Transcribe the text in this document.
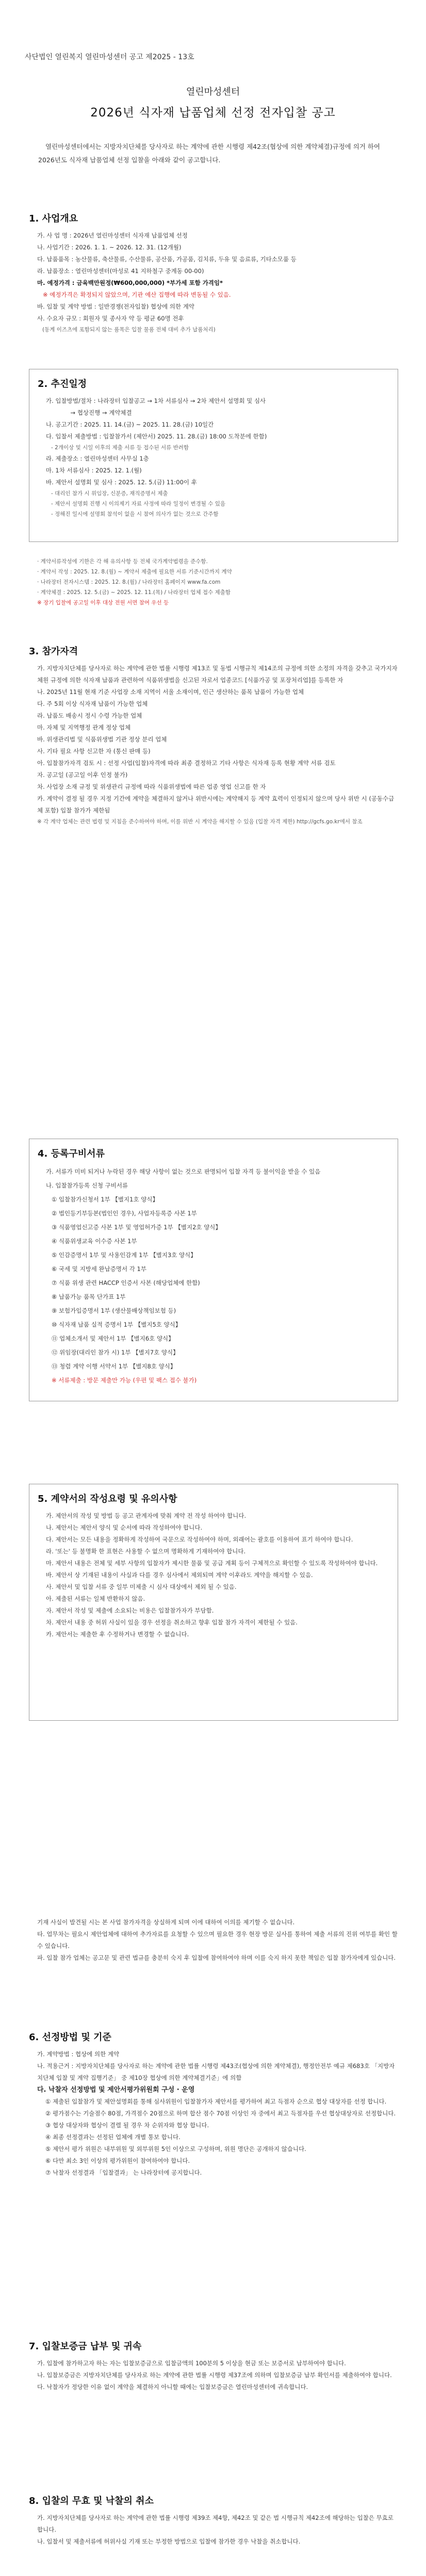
사단법인 열린복지 열린마성센터 공고 제2025 - 13호
열린마성센터
2026년 식자재 납품업체 선정 전자입찰 공고
열린마성센터에서는 지방자치단체를 당사자로 하는 계약에 관한 시행령 제42조(협상에 의한 계약체결)규정에 의거 하여 2026년도 식자재 납품업체 선정 입찰을 아래와 같이 공고합니다.
1. 사업개요

가. 사 업 명 : 2026년 열린마성센터 식자재 납품업체 선정

나. 사업기간 : 2026. 1. 1. ~ 2026. 12. 31. (12개월)

다. 납품품목 : 농산물류, 축산물류, 수산물류, 공산품, 가공품, 김치류, 두유 및 음료류, 기타소모품 등

라. 납품장소 : 열린마성센터(마성로 41 지하철구 중계동 00-00)

마. 예정가격 : 금육백만원정(₩600,000,000) *부가세 포함 가격임*

※ 예정가격은 확정되지 않았으며, 기관 예산 집행에 따라 변동될 수 있음.

바. 입찰 및 계약 방법 : 일반경쟁(전자입찰) 협상에 의한 계약

사. 수요자 규모 : 회원자 및 종사자 약 등 평균 60명 전후

(동계 이즈츠에 포함되지 않는 품목은 입찰 물품 전체 대비 추가 납품처리)

2. 추진일정

가. 입찰방법/절차 : 나라장터 입찰공고 → 1차 서류심사 → 2차 제안서 설명회 및 심사

→ 협상진행 → 계약체결

나. 공고기간 : 2025. 11. 14.(금) ~ 2025. 11. 28.(금) 10일간

다. 입찰서 제출방법 : 입찰참가서 (제안서) 2025. 11. 28.(금) 18:00 도착분에 한함)

- 2개이상 및 시일 이후의 제출 서류 등 접수된 서류 반려함

라. 제출장소 : 열린마성센터 사무실 1층

마. 1차 서류심사 : 2025. 12. 1.(월)

바. 제안서 설명회 및 심사 : 2025. 12. 5.(금) 11:00이 후

- 대리인 참가 시 위임장, 신분증, 재직증명서 제출

- 제안서 설명회 진행 시 이의제기 자료 사정에 따라 일정이 변경될 수 있음

- 정해진 일시에 설명회 참석이 없을 시 참여 의사가 없는 것으로 간주함

· 계약서류작성에 기한은 각 해 유의사항 등 전체 국가계약법령을 준수함.

· 계약서 작성 : 2025. 12. 8.(월) ~ 계약서 제출에 필요한 서류 기준시간까지 계약

· 나라장터 전자시스템 : 2025. 12. 8.(월) / 나라장터 홈페이지 www.fa.com

· 계약체결 : 2025. 12. 5.(금) ~ 2025. 12. 11.(목) / 나라장터 업체 접수 제출함

※ 장기 입찰에 공고일 이후 대상 전원 서면 참여 우선 등

3. 참가자격

가. 지방자치단체를 당사자로 하는 계약에 관한 법률 시행령 제13조 및 동법 시행규칙 제14조의 규정에 의한 소정의 자격을 갖추고 국가지자체원 규정에 의한 식자재 납품과 관련하여 식품위생법을 신고된 자로서 업종코드 [식품가공 및 포장처리업]를 등록한 자

나. 2025년 11월 현재 기준 사업장 소재 지역이 서울 소재이며, 인근 생산하는 품목 납품이 가능한 업체

다. 주 5회 이상 식자재 납품이 가능한 업체

라. 납품도 배송시 정시 수령 가능한 업체

마. 자체 및 지역행정 관계 정상 업체

바. 위생관리법 및 식품위생법 기관 정상 분리 업체

사. 기타 필요 사항 신고한 자 (통신 판매 등)

아. 입찰참가자격 검토 시 : 선정 사업(입찰)자격에 따라 최종 결정하고 기타 사항은 식자재 등록 현황 계약 서류 검토

자. 공고일 (공고일 이후 인정 불가)

차. 사업장 소재 규정 및 위생관리 규정에 따라 식품위생법에 따른 업종 영업 신고를 한 자

카. 계약이 결정 될 경우 지정 기간에 계약을 체결하지 않거나 위반시에는 계약해지 등 계약 효력이 인정되지 않으며 당사 위반 시 (공동수급체 포함) 입찰 참가가 제한됨

※ 각 계약 업체는 관련 법령 및 지침을 준수하여야 하며, 이를 위반 시 계약을 해지할 수 있음 (입찰 자격 제한) http://gcfs.go.kr에서 참조

4. 등록구비서류

가. 서류가 미비 되거나 누락된 경우 해당 사항이 없는 것으로 판명되어 입찰 자격 등 불이익을 받을 수 있음

나. 입찰참가등록 신청 구비서류

① 입찰참가신청서 1부 【별지1호 양식】

② 법인등기부등본(법인인 경우), 사업자등록증 사본 1부

③ 식품영업신고증 사본 1부 및 영업허가증 1부 【별지2호 양식】

④ 식품위생교육 이수증 사본 1부

⑤ 인감증명서 1부 및 사용인감계 1부 【별지3호 양식】

⑥ 국세 및 지방세 완납증명서 각 1부

⑦ 식품 위생 관련 HACCP 인증서 사본 (해당업체에 한함)

⑧ 납품가능 품목 단가표 1부

⑨ 보험가입증명서 1부 (생산물배상책임보험 등)

⑩ 식자재 납품 실적 증명서 1부 【별지5호 양식】

⑪ 업체소개서 및 제안서 1부 【별지6호 양식】

⑫ 위임장(대리인 참가 시) 1부 【별지7호 양식】

⑬ 청렴 계약 이행 서약서 1부 【별지8호 양식】

※ 서류제출 : 방문 제출만 가능 (우편 및 팩스 접수 불가)

5. 계약서의 작성요령 및 유의사항

가. 제안서의 작성 및 방법 등 공고 관계자에 맞춰 계약 전 작성 하여야 합니다.

나. 제안서는 제안서 양식 및 순서에 따라 작성하여야 합니다.

다. 제안서는 모든 내용을 정확하게 작성하여 국문으로 작성하여야 하며, 외래어는 괄호를 이용하여 표기 하여야 합니다.

라. '또는' 등 불명확 한 표현은 사용할 수 없으며 명확하게 기재하여야 합니다.

마. 제안서 내용은 전체 및 세부 사항의 입찰자가 제시한 물품 및 공급 계획 등이 구체적으로 확인할 수 있도록 작성하여야 합니다.

바. 제안서 상 기재된 내용이 사실과 다를 경우 심사에서 제외되며 계약 이후라도 계약을 해지할 수 있음.

사. 제안서 및 입찰 서류 중 일부 미제출 시 심사 대상에서 제외 될 수 있음.

아. 제출된 서류는 일체 반환하지 않음.

자. 제안서 작성 및 제출에 소요되는 비용은 입찰참가자가 부담함.

차. 제안서 내용 중 허위 사실이 있을 경우 선정을 취소하고 향후 입찰 참가 자격이 제한될 수 있음.

카. 제안서는 제출한 후 수정하거나 변경할 수 없습니다.

기재 사실이 발견될 시는 본 사업 참가자격을 상실하게 되며 이에 대하여 이의를 제기할 수 없습니다.

타. 업무차는 필요시 제안업체에 대하여 추가자료를 요청할 수 있으며 필요한 경우 현장 방문 실사를 통하여 제출 서류의 진위 여부를 확인 할 수 있습니다.

파. 입찰 참가 업체는 공고문 및 관련 법규를 충분히 숙지 후 입찰에 참여하여야 하며 이를 숙지 하지 못한 책임은 입찰 참가자에게 있습니다.

6. 선정방법 및 기준

가. 계약방법 : 협상에 의한 계약

나. 적용근거 : 지방자치단체를 당사자로 하는 계약에 관한 법률 시행령 제43조(협상에 의한 계약체결), 행정안전부 예규 제683호 「지방자치단체 입찰 및 계약 집행기준」 중 제10장 협상에 의한 계약체결기준」에 의함

다. 낙찰자 선정방법 및 제안서평가위원회 구성 · 운영

① 제출된 입찰참가 및 제안설명회를 통해 심사위원이 입찰참가자 제안서를 평가하여 최고 득점자 순으로 협상 대상자를 선정 합니다.

② 평가점수는 기술점수 80점, 가격점수 20점으로 하며 합산 점수 70점 이상인 자 중에서 최고 득점자를 우선 협상대상자로 선정합니다.

③ 협상 대상자와 협상이 결렬 될 경우 차 순위자와 협상 합니다.

④ 최종 선정결과는 선정된 업체에 개별 통보 합니다.

⑤ 제안서 평가 위원은 내부위원 및 외부위원 5인 이상으로 구성하며, 위원 명단은 공개하지 않습니다.

⑥ 다만 최소 3인 이상의 평가위원이 참여하여야 합니다.

⑦ 낙찰자 선정결과 「입찰결과」 는 나라장터에 공지합니다.

7. 입찰보증금 납부 및 귀속

가. 입찰에 참가하고자 하는 자는 입찰보증금으로 입찰금액의 100분의 5 이상을 현금 또는 보증서로 납부하여야 합니다.

나. 입찰보증금은 지방자치단체를 당사자로 하는 계약에 관한 법률 시행령 제37조에 의하며 입찰보증금 납부 확인서를 제출하여야 합니다.

다. 낙찰자가 정당한 이유 없이 계약을 체결하지 아니할 때에는 입찰보증금은 열린마성센터에 귀속합니다.

8. 입찰의 무효 및 낙찰의 취소

가. 지방자치단체를 당사자로 하는 계약에 관한 법률 시행령 제39조 제4항, 제42조 및 같은 법 시행규칙 제42조에 해당하는 입찰은 무효로 합니다.

나. 입찰서 및 제출서류에 허위사실 기재 또는 부정한 방법으로 입찰에 참가한 경우 낙찰을 취소합니다.
